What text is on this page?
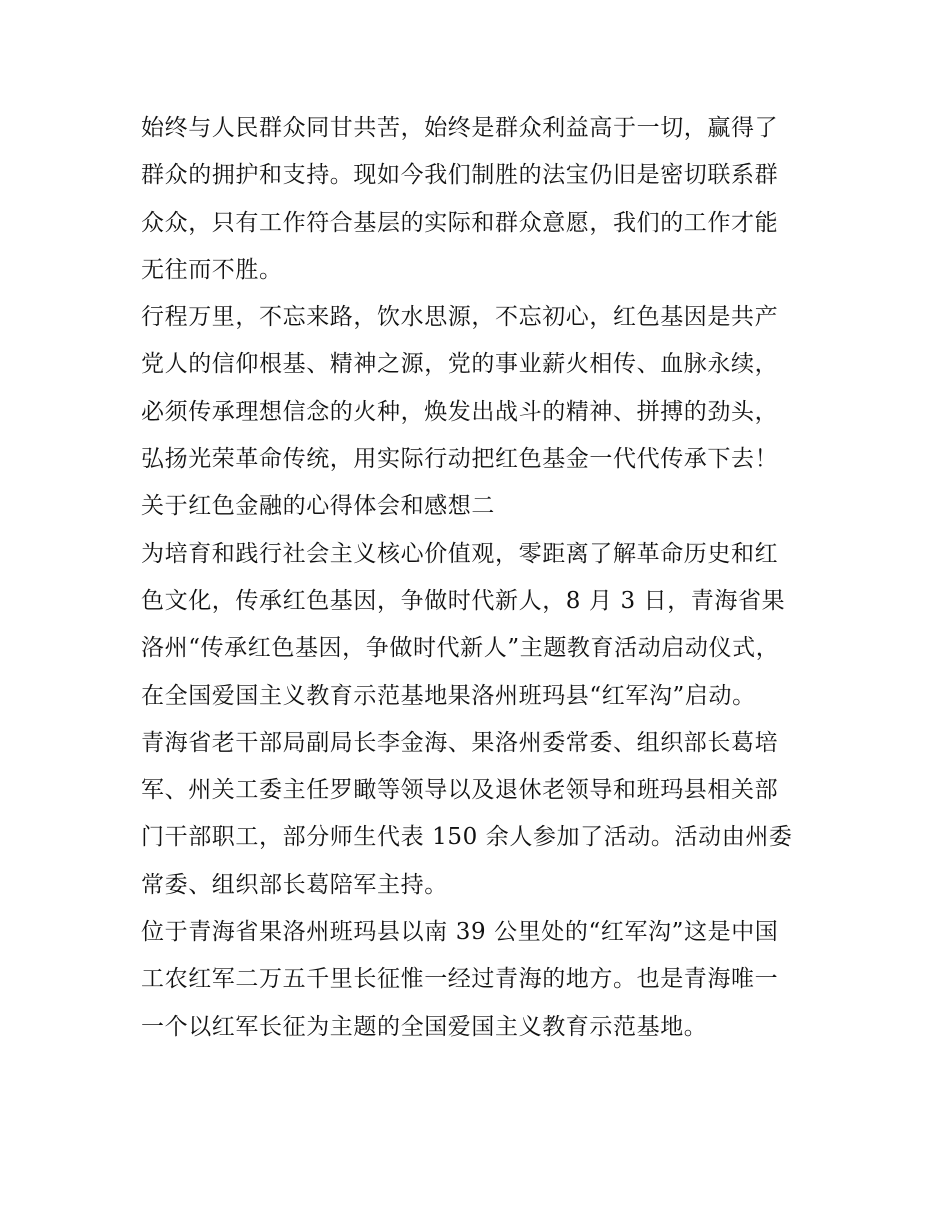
始终与人民群众同甘共苦，始终是群众利益高于一切，赢得了
群众的拥护和支持。现如今我们制胜的法宝仍旧是密切联系群
众众，只有工作符合基层的实际和群众意愿，我们的工作才能
无往而不胜。
行程万里，不忘来路，饮水思源，不忘初心，红色基因是共产
党人的信仰根基、精神之源，党的事业薪火相传、血脉永续，
必须传承理想信念的火种，焕发出战斗的精神、拼搏的劲头，
弘扬光荣革命传统，用实际行动把红色基金一代代传承下去！
关于红色金融的心得体会和感想二
为培育和践行社会主义核心价值观，零距离了解革命历史和红
色文化，传承红色基因，争做时代新人，8 月 3 日，青海省果
洛州“传承红色基因，争做时代新人”主题教育活动启动仪式，
在全国爱国主义教育示范基地果洛州班玛县“红军沟”启动。
青海省老干部局副局长李金海、果洛州委常委、组织部长葛培
军、州关工委主任罗瞰等领导以及退休老领导和班玛县相关部
门干部职工，部分师生代表 150 余人参加了活动。活动由州委
常委、组织部长葛陪军主持。
位于青海省果洛州班玛县以南 39 公里处的“红军沟”这是中国
工农红军二万五千里长征惟一经过青海的地方。也是青海唯一
一个以红军长征为主题的全国爱国主义教育示范基地。
